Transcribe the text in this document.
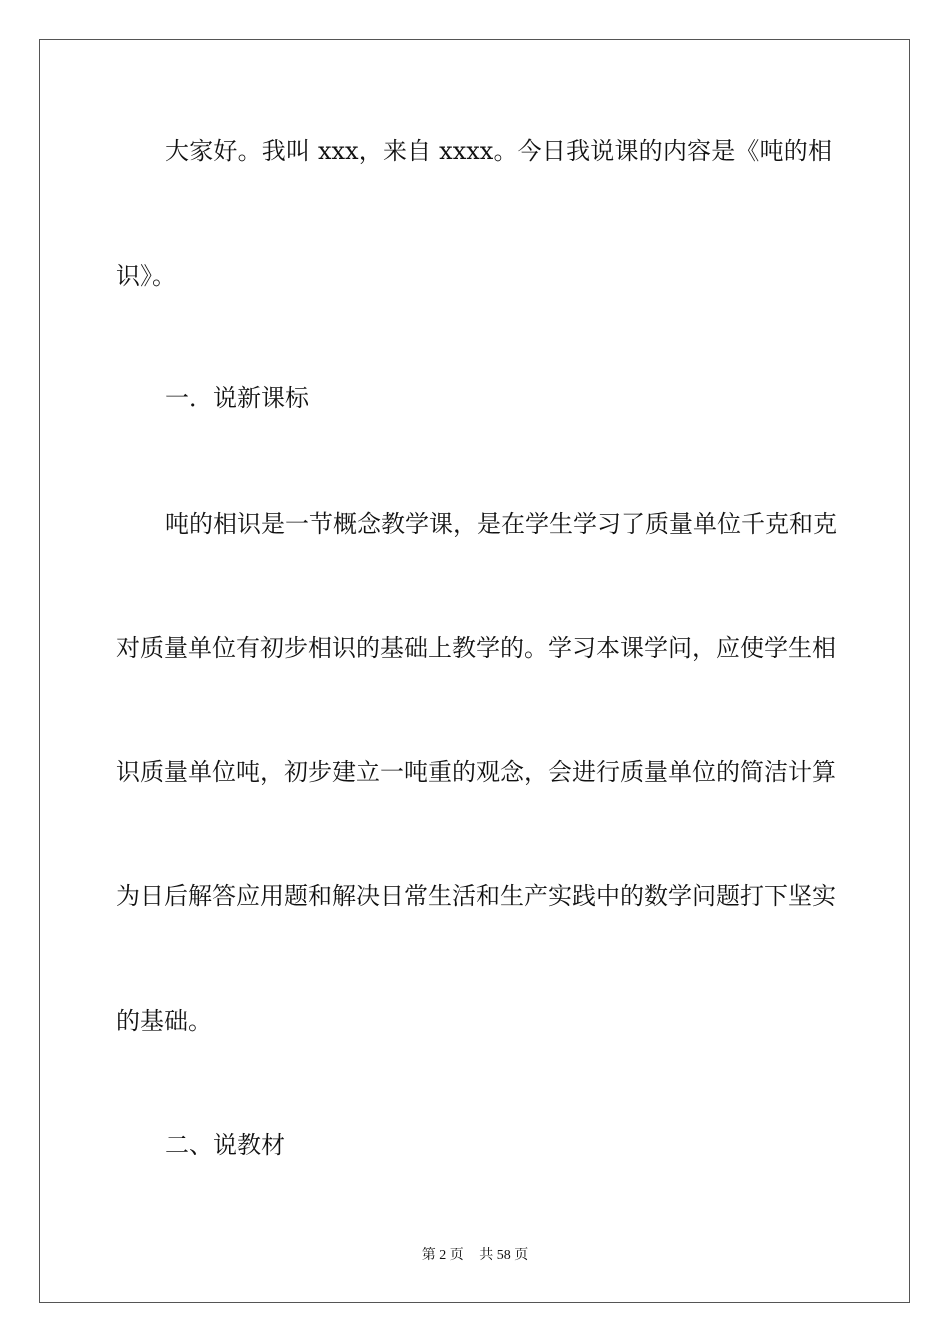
大家好。我叫 xxx，来自 xxxx。今日我说课的内容是《吨的相

识》。

一．说新课标

吨的相识是一节概念教学课，是在学生学习了质量单位千克和克

对质量单位有初步相识的基础上教学的。学习本课学问，应使学生相

识质量单位吨，初步建立一吨重的观念，会进行质量单位的简洁计算

为日后解答应用题和解决日常生活和生产实践中的数学问题打下坚实

的基础。

二、说教材

第 2 页 共 58 页
